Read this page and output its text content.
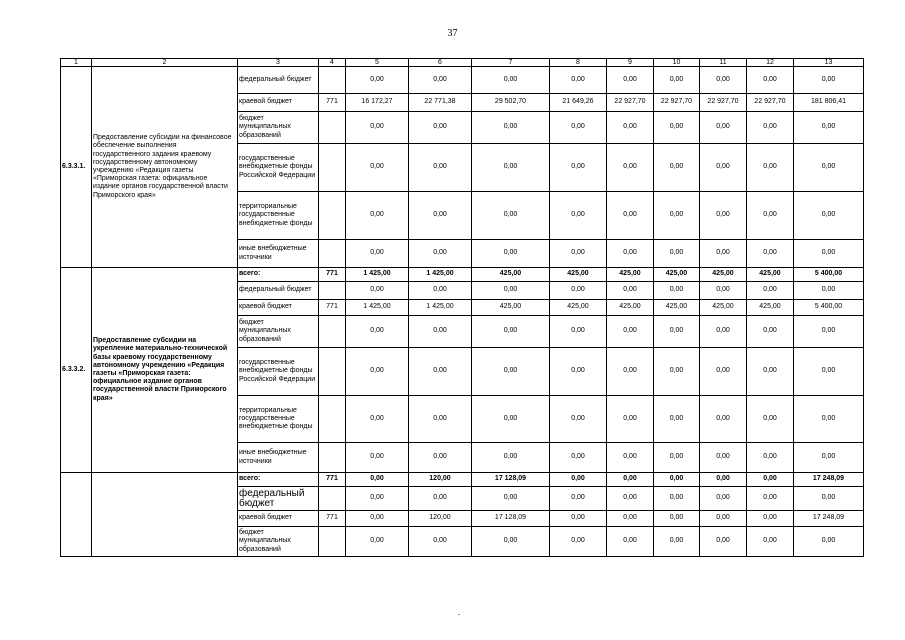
37
1	2	3	4	5	6	7	8	9	10	11	12	13
6.3.3.1.	Предоставление субсидии на финансовое обеспечение выполнения государственного задания краевому государственному автономному учреждению «Редакция газеты «Приморская газета: официальное издание органов государственной власти Приморского края»	федеральный бюджет		0,00	0,00	0,00	0,00	0,00	0,00	0,00	0,00	0,00
		краевой бюджет	771	16 172,27	22 771,38	29 502,70	21 649,26	22 927,70	22 927,70	22 927,70	22 927,70	181 806,41
		бюджет муниципальных образований		0,00	0,00	0,00	0,00	0,00	0,00	0,00	0,00	0,00
		государственные внебюджетные фонды Российской Федерации		0,00	0,00	0,00	0,00	0,00	0,00	0,00	0,00	0,00
		территориальные государственные внебюджетные фонды		0,00	0,00	0,00	0,00	0,00	0,00	0,00	0,00	0,00
		иные внебюджетные источники		0,00	0,00	0,00	0,00	0,00	0,00	0,00	0,00	0,00
6.3.3.2.	Предоставление субсидии на укрепление материально-технической базы краевому государственному автономному учреждению «Редакция газеты «Приморская газета: официальное издание органов государственной власти Приморского края»	всего:	771	1 425,00	1 425,00	425,00	425,00	425,00	425,00	425,00	425,00	5 400,00
		федеральный бюджет		0,00	0,00	0,00	0,00	0,00	0,00	0,00	0,00	0,00
		краевой бюджет	771	1 425,00	1 425,00	425,00	425,00	425,00	425,00	425,00	425,00	5 400,00
		бюджет муниципальных образований		0,00	0,00	0,00	0,00	0,00	0,00	0,00	0,00	0,00
		государственные внебюджетные фонды Российской Федерации		0,00	0,00	0,00	0,00	0,00	0,00	0,00	0,00	0,00
		территориальные государственные внебюджетные фонды		0,00	0,00	0,00	0,00	0,00	0,00	0,00	0,00	0,00
		иные внебюджетные источники		0,00	0,00	0,00	0,00	0,00	0,00	0,00	0,00	0,00
		всего:	771	0,00	120,00	17 128,09	0,00	0,00	0,00	0,00	0,00	17 248,09
		федеральный бюджет		0,00	0,00	0,00	0,00	0,00	0,00	0,00	0,00	0,00
		краевой бюджет	771	0,00	120,00	17 128,09	0,00	0,00	0,00	0,00	0,00	17 248,09
		бюджет муниципальных образований		0,00	0,00	0,00	0,00	0,00	0,00	0,00	0,00	0,00
